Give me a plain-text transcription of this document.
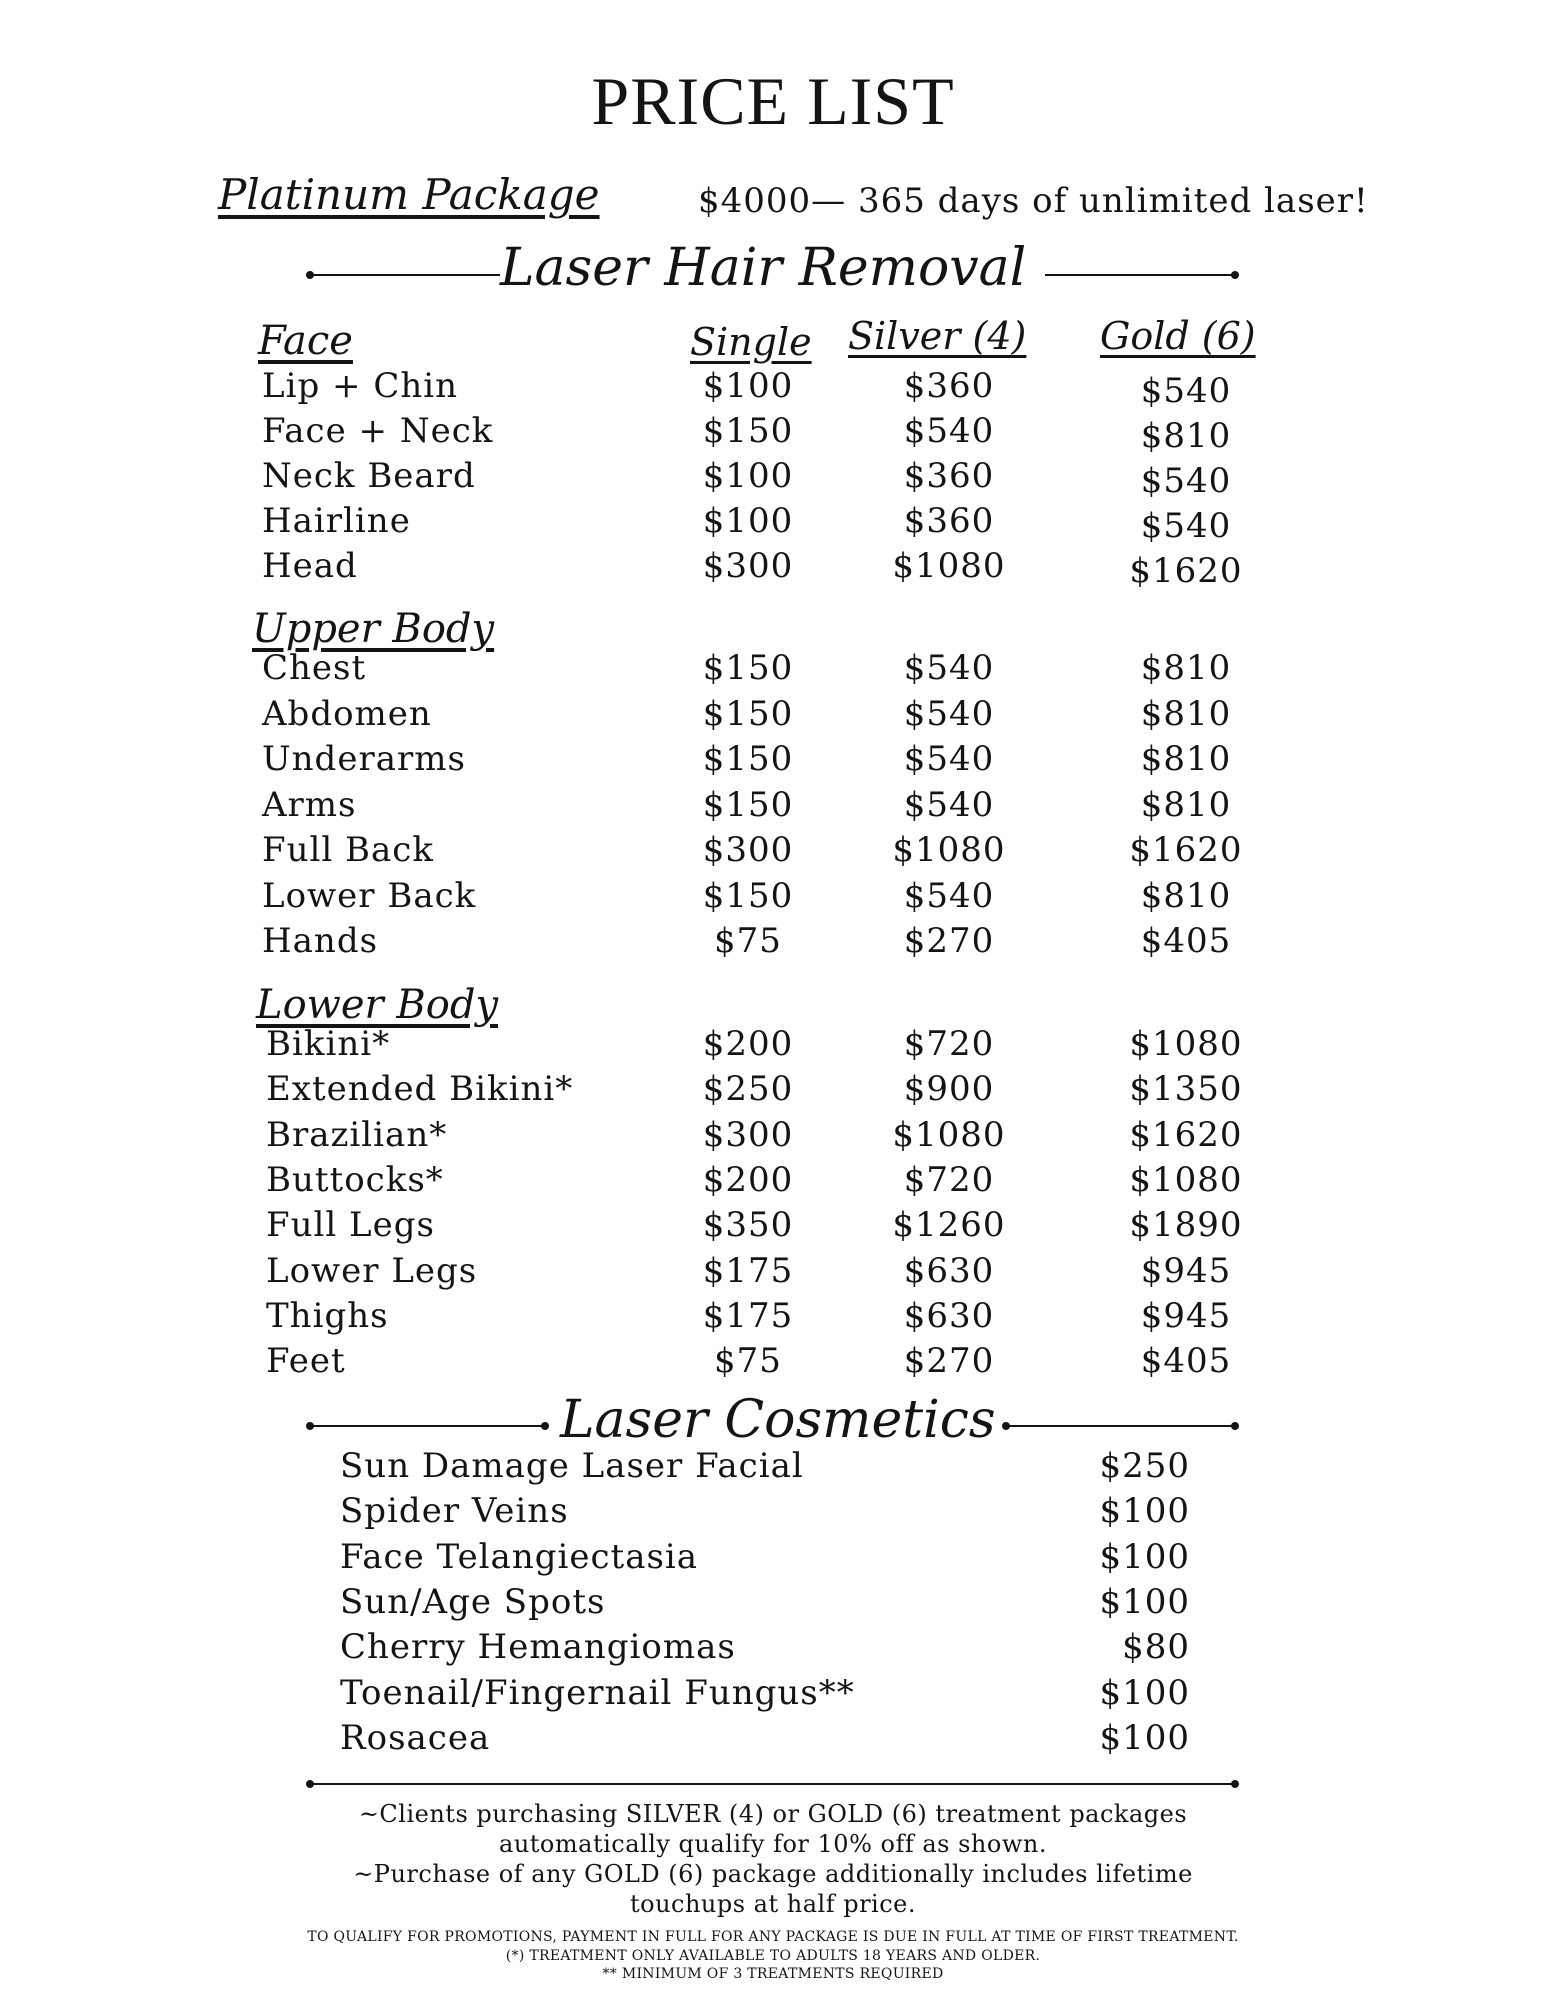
PRICE LIST
Platinum Package	$4000— 365 days of unlimited laser!
Laser Hair Removal
Face	Single Silver (4) Gold (6)
Lip + Chin	$100	$360	$540
Face + Neck	$150	$540	$810
Neck Beard	$100	$360	$540
Hairline	$100	$360	$540
Head	$300	$1080	$1620
Upper Body
Chest	$150	$540	$810
Abdomen	$150	$540	$810
Underarms	$150	$540	$810
Arms	$150	$540	$810
Full Back	$300	$1080	$1620
Lower Back	$150	$540	$810
Hands	$75	$270	$405
Lower Body
Bikini*	$200	$720	$1080
Extended Bikini*	$250	$900	$1350
Brazilian*	$300	$1080	$1620
Buttocks*	$200	$720	$1080
Full Legs	$350	$1260	$1890
Lower Legs	$175	$630	$945
Thighs	$175	$630	$945
Feet	$75	$270	$405
Laser Cosmetics
Sun Damage Laser Facial	$250
Spider Veins	$100
Face Telangiectasia	$100
Sun/Age Spots	$100
Cherry Hemangiomas	$80
Toenail/Fingernail Fungus**	$100
Rosacea	$100
~Clients purchasing SILVER (4) or GOLD (6) treatment packages
automatically qualify for 10% off as shown.
~Purchase of any GOLD (6) package additionally includes lifetime
touchups at half price.
TO QUALIFY FOR PROMOTIONS, PAYMENT IN FULL FOR ANY PACKAGE IS DUE IN FULL AT TIME OF FIRST TREATMENT.
(*) TREATMENT ONLY AVAILABLE TO ADULTS 18 YEARS AND OLDER.
** MINIMUM OF 3 TREATMENTS REQUIRED
